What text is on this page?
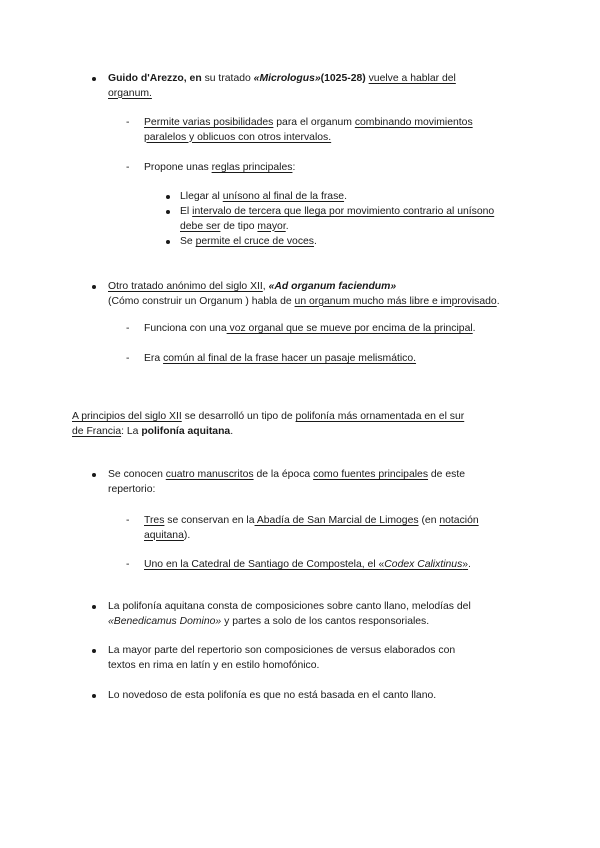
Guido d'Arezzo, en su tratado «Micrologus»(1025-28) vuelve a hablar del
organum.
- Permite varias posibilidades para el organum combinando movimientos
paralelos y oblicuos con otros intervalos.
- Propone unas reglas principales:
Llegar al unísono al final de la frase.
El intervalo de tercera que llega por movimiento contrario al unísono
debe ser de tipo mayor.
Se permite el cruce de voces.
Otro tratado anónimo del siglo XII, «Ad organum faciendum»
(Cómo construir un Organum ) habla de un organum mucho más libre e improvisado.
- Funciona con una voz organal que se mueve por encima de la principal.
- Era común al final de la frase hacer un pasaje melismático.
A principios del siglo XII se desarrolló un tipo de polifonía más ornamentada en el sur
de Francia: La polifonía aquitana.
Se conocen cuatro manuscritos de la época como fuentes principales de este
repertorio:
- Tres se conservan en la Abadía de San Marcial de Limoges (en notación
aquitana).
- Uno en la Catedral de Santiago de Compostela, el «Codex Calixtinus».
La polifonía aquitana consta de composiciones sobre canto llano, melodías del
«Benedicamus Domino» y partes a solo de los cantos responsoriales.
La mayor parte del repertorio son composiciones de versus elaborados con
textos en rima en latín y en estilo homofónico.
Lo novedoso de esta polifonía es que no está basada en el canto llano.
